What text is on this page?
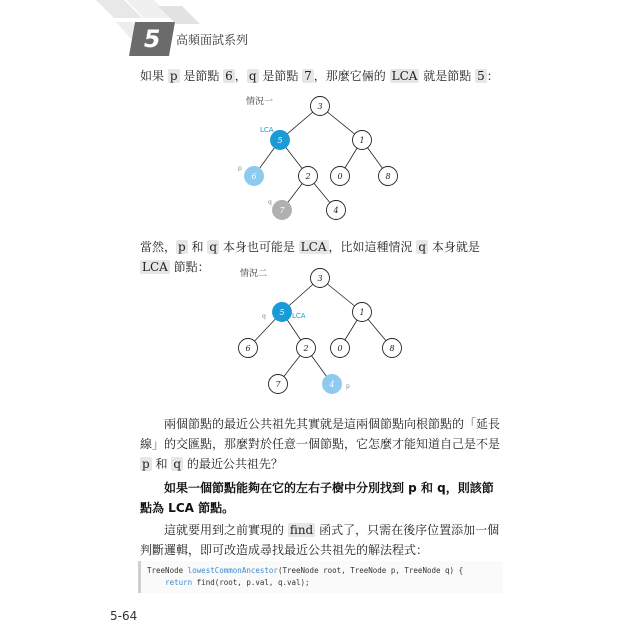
5 高頻面試系列
如果 p 是節點 6 ， q 是節點 7 ，那麼它倆的 LCA 就是節點 5 ：
情況一	3
5	1
6	2	0	8
7	4
LCA
p
q
當然， p 和 q 本身也可能是 LCA ，比如這種情況 q 本身就是 LCA 節點：	情況二	3
5	1
6	2	0	8
7	4
LCA
q
p
兩個節點的最近公共祖先其實就是這兩個節點向根節點的「延長線」的交匯點，那麼對於任意一個節點，它怎麼才能知道自己是不是 p 和 q 的最近公共祖先？
如果一個節點能夠在它的左右子樹中分別找到 p 和 q，則該節點為 LCA 節點。
這就要用到之前實現的 find 函式了，只需在後序位置添加一個判斷邏輯，即可改造成尋找最近公共祖先的解法程式：
TreeNode lowestCommonAncestor(TreeNode root, TreeNode p, TreeNode q) {
return find(root, p.val, q.val);
5-64
